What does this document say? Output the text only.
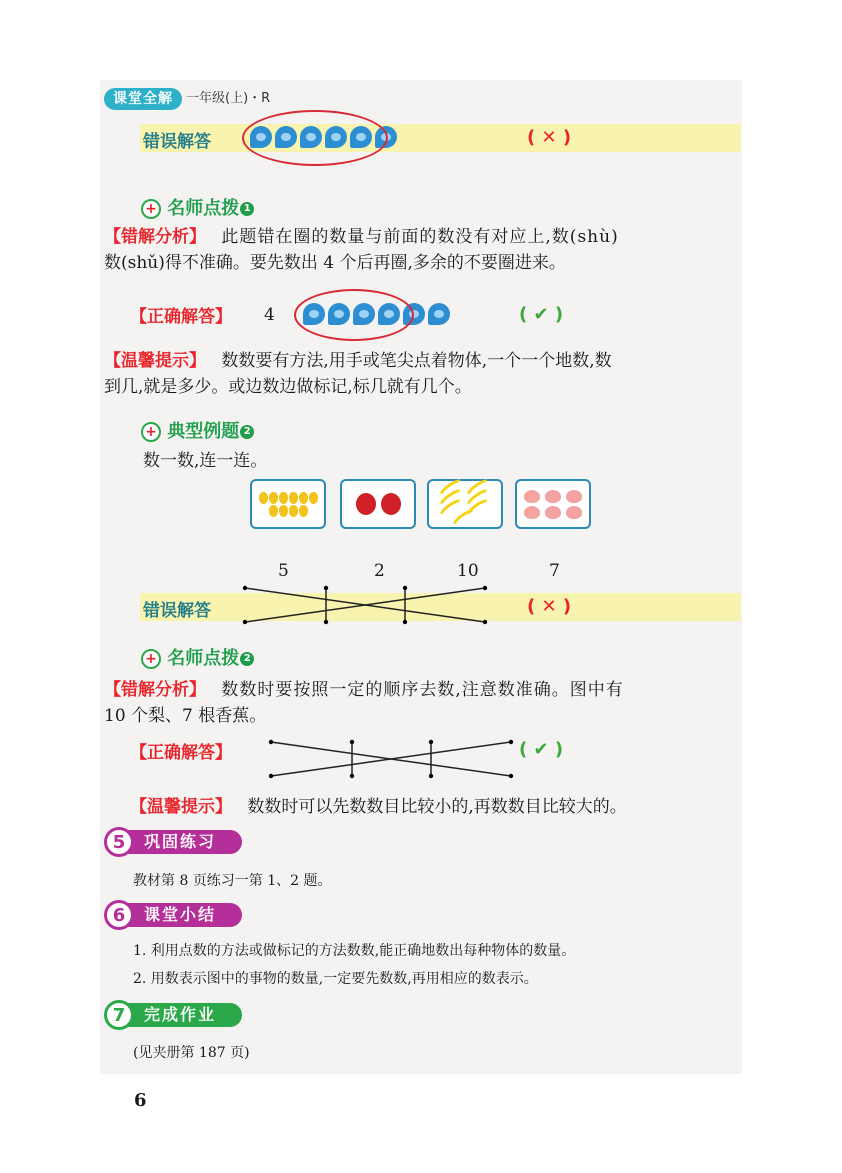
课堂全解	一年级(上)・R
错误解答	( ✕ )
+ 名师点拨 1
【错解分析】 此题错在圈的数量与前面的数没有对应上,数(shù)
数(shǔ)得不准确。要先数出 4 个后再圈,多余的不要圈进来。
【正确解答】 4	( ✔ )
【温馨提示】 数数要有方法,用手或笔尖点着物体,一个一个地数,数
到几,就是多少。或边数边做标记,标几就有几个。
+ 典型例题 2
数一数,连一连。
5	2	10	7
错误解答	( ✕ )
+ 名师点拨 2
【错解分析】 数数时要按照一定的顺序去数,注意数准确。图中有
10 个梨、7 根香蕉。
【正确解答】	( ✔ )
【温馨提示】 数数时可以先数数目比较小的,再数数目比较大的。
5	巩固练习
教材第 8 页练习一第 1、2 题。
6	课堂小结
1. 利用点数的方法或做标记的方法数数,能正确地数出每种物体的数量。
2. 用数表示图中的事物的数量,一定要先数数,再用相应的数表示。
7	完成作业
(见夹册第 187 页)
6
